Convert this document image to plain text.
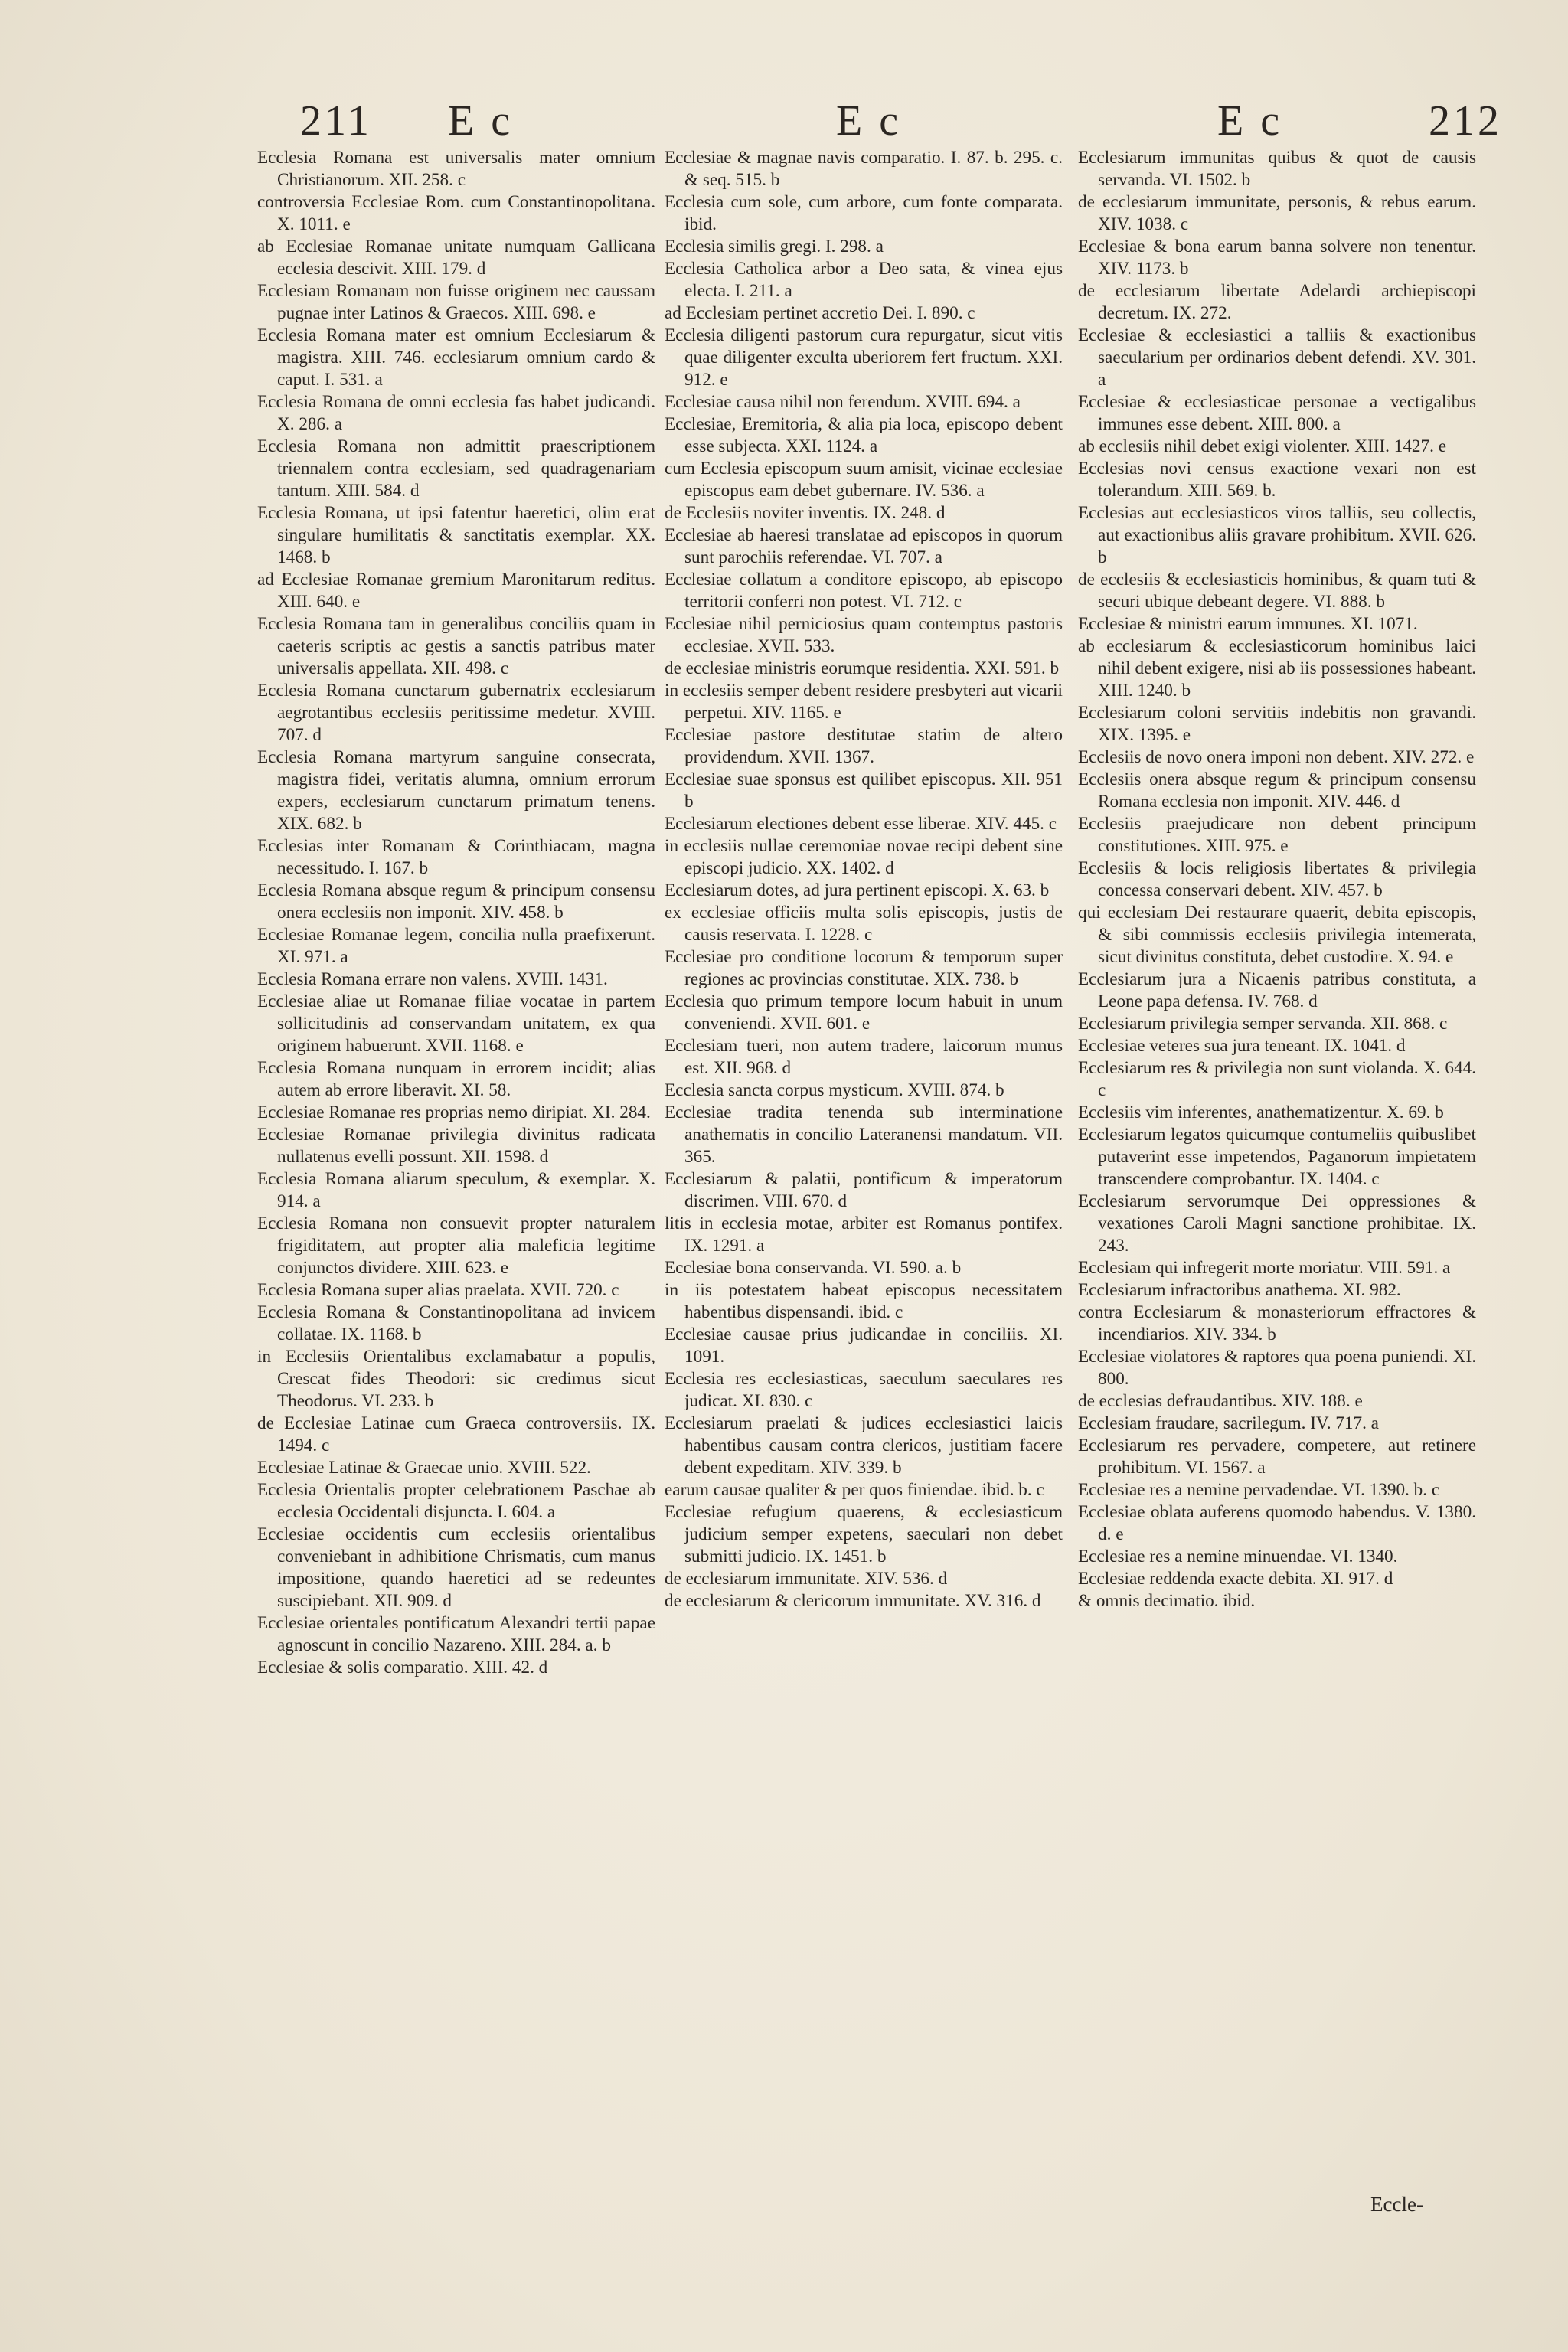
211 E c	E c	E c	212

Ecclesia Romana est universalis mater omnium Christianorum. XII. 258. c

controversia Ecclesiae Rom. cum Constantinopolitana. X. 1011. e

ab Ecclesiae Romanae unitate numquam Gallicana ecclesia descivit. XIII. 179. d

Ecclesiam Romanam non fuisse originem nec caussam pugnae inter Latinos & Graecos. XIII. 698. e

Ecclesia Romana mater est omnium Ecclesiarum & magistra. XIII. 746. ecclesiarum omnium cardo & caput. I. 531. a

Ecclesia Romana de omni ecclesia fas habet judicandi. X. 286. a

Ecclesia Romana non admittit praescriptionem triennalem contra ecclesiam, sed quadragenariam tantum. XIII. 584. d

Ecclesia Romana, ut ipsi fatentur haeretici, olim erat singulare humilitatis & sanctitatis exemplar. XX. 1468. b

ad Ecclesiae Romanae gremium Maronitarum reditus. XIII. 640. e

Ecclesia Romana tam in generalibus conciliis quam in caeteris scriptis ac gestis a sanctis patribus mater universalis appellata. XII. 498. c

Ecclesia Romana cunctarum gubernatrix ecclesiarum aegrotantibus ecclesiis peritissime medetur. XVIII. 707. d

Ecclesia Romana martyrum sanguine consecrata, magistra fidei, veritatis alumna, omnium errorum expers, ecclesiarum cunctarum primatum tenens. XIX. 682. b

Ecclesias inter Romanam & Corinthiacam, magna necessitudo. I. 167. b

Ecclesia Romana absque regum & principum consensu onera ecclesiis non imponit. XIV. 458. b

Ecclesiae Romanae legem, concilia nulla praefixerunt. XI. 971. a

Ecclesia Romana errare non valens. XVIII. 1431.

Ecclesiae aliae ut Romanae filiae vocatae in partem sollicitudinis ad conservandam unitatem, ex qua originem habuerunt. XVII. 1168. e

Ecclesia Romana nunquam in errorem incidit; alias autem ab errore liberavit. XI. 58.

Ecclesiae Romanae res proprias nemo diripiat. XI. 284.

Ecclesiae Romanae privilegia divinitus radicata nullatenus evelli possunt. XII. 1598. d

Ecclesia Romana aliarum speculum, & exemplar. X. 914. a

Ecclesia Romana non consuevit propter naturalem frigiditatem, aut propter alia maleficia legitime conjunctos dividere. XIII. 623. e

Ecclesia Romana super alias praelata. XVII. 720. c

Ecclesia Romana & Constantinopolitana ad invicem collatae. IX. 1168. b

in Ecclesiis Orientalibus exclamabatur a populis, Crescat fides Theodori: sic credimus sicut Theodorus. VI. 233. b

de Ecclesiae Latinae cum Graeca controversiis. IX. 1494. c

Ecclesiae Latinae & Graecae unio. XVIII. 522.

Ecclesia Orientalis propter celebrationem Paschae ab ecclesia Occidentali disjuncta. I. 604. a

Ecclesiae occidentis cum ecclesiis orientalibus conveniebant in adhibitione Chrismatis, cum manus impositione, quando haeretici ad se redeuntes suscipiebant. XII. 909. d

Ecclesiae orientales pontificatum Alexandri tertii papae agnoscunt in concilio Nazareno. XIII. 284. a. b

Ecclesiae & solis comparatio. XIII. 42. d

Ecclesiae & magnae navis comparatio. I. 87. b. 295. c. & seq. 515. b

Ecclesia cum sole, cum arbore, cum fonte comparata. ibid.

Ecclesia similis gregi. I. 298. a

Ecclesia Catholica arbor a Deo sata, & vinea ejus electa. I. 211. a

ad Ecclesiam pertinet accretio Dei. I. 890. c

Ecclesia diligenti pastorum cura repurgatur, sicut vitis quae diligenter exculta uberiorem fert fructum. XXI. 912. e

Ecclesiae causa nihil non ferendum. XVIII. 694. a

Ecclesiae, Eremitoria, & alia pia loca, episcopo debent esse subjecta. XXI. 1124. a

cum Ecclesia episcopum suum amisit, vicinae ecclesiae episcopus eam debet gubernare. IV. 536. a

de Ecclesiis noviter inventis. IX. 248. d

Ecclesiae ab haeresi translatae ad episcopos in quorum sunt parochiis referendae. VI. 707. a

Ecclesiae collatum a conditore episcopo, ab episcopo territorii conferri non potest. VI. 712. c

Ecclesiae nihil perniciosius quam contemptus pastoris ecclesiae. XVII. 533.

de ecclesiae ministris eorumque residentia. XXI. 591. b

in ecclesiis semper debent residere presbyteri aut vicarii perpetui. XIV. 1165. e

Ecclesiae pastore destitutae statim de altero providendum. XVII. 1367.

Ecclesiae suae sponsus est quilibet episcopus. XII. 951 b

Ecclesiarum electiones debent esse liberae. XIV. 445. c

in ecclesiis nullae ceremoniae novae recipi debent sine episcopi judicio. XX. 1402. d

Ecclesiarum dotes, ad jura pertinent episcopi. X. 63. b

ex ecclesiae officiis multa solis episcopis, justis de causis reservata. I. 1228. c

Ecclesiae pro conditione locorum & temporum super regiones ac provincias constitutae. XIX. 738. b

Ecclesia quo primum tempore locum habuit in unum conveniendi. XVII. 601. e

Ecclesiam tueri, non autem tradere, laicorum munus est. XII. 968. d

Ecclesia sancta corpus mysticum. XVIII. 874. b

Ecclesiae tradita tenenda sub interminatione anathematis in concilio Lateranensi mandatum. VII. 365.

Ecclesiarum & palatii, pontificum & imperatorum discrimen. VIII. 670. d

litis in ecclesia motae, arbiter est Romanus pontifex. IX. 1291. a

Ecclesiae bona conservanda. VI. 590. a. b

in iis potestatem habeat episcopus necessitatem habentibus dispensandi. ibid. c

Ecclesiae causae prius judicandae in conciliis. XI. 1091.

Ecclesia res ecclesiasticas, saeculum saeculares res judicat. XI. 830. c

Ecclesiarum praelati & judices ecclesiastici laicis habentibus causam contra clericos, justitiam facere debent expeditam. XIV. 339. b

earum causae qualiter & per quos finiendae. ibid. b. c

Ecclesiae refugium quaerens, & ecclesiasticum judicium semper expetens, saeculari non debet submitti judicio. IX. 1451. b

de ecclesiarum immunitate. XIV. 536. d

de ecclesiarum & clericorum immunitate. XV. 316. d

Ecclesiarum immunitas quibus & quot de causis servanda. VI. 1502. b

de ecclesiarum immunitate, personis, & rebus earum. XIV. 1038. c

Ecclesiae & bona earum banna solvere non tenentur. XIV. 1173. b

de ecclesiarum libertate Adelardi archiepiscopi decretum. IX. 272.

Ecclesiae & ecclesiastici a talliis & exactionibus saecularium per ordinarios debent defendi. XV. 301. a

Ecclesiae & ecclesiasticae personae a vectigalibus immunes esse debent. XIII. 800. a

ab ecclesiis nihil debet exigi violenter. XIII. 1427. e

Ecclesias novi census exactione vexari non est tolerandum. XIII. 569. b.

Ecclesias aut ecclesiasticos viros talliis, seu collectis, aut exactionibus aliis gravare prohibitum. XVII. 626. b

de ecclesiis & ecclesiasticis hominibus, & quam tuti & securi ubique debeant degere. VI. 888. b

Ecclesiae & ministri earum immunes. XI. 1071.

ab ecclesiarum & ecclesiasticorum hominibus laici nihil debent exigere, nisi ab iis possessiones habeant. XIII. 1240. b

Ecclesiarum coloni servitiis indebitis non gravandi. XIX. 1395. e

Ecclesiis de novo onera imponi non debent. XIV. 272. e

Ecclesiis onera absque regum & principum consensu Romana ecclesia non imponit. XIV. 446. d

Ecclesiis praejudicare non debent principum constitutiones. XIII. 975. e

Ecclesiis & locis religiosis libertates & privilegia concessa conservari debent. XIV. 457. b

qui ecclesiam Dei restaurare quaerit, debita episcopis, & sibi commissis ecclesiis privilegia intemerata, sicut divinitus constituta, debet custodire. X. 94. e

Ecclesiarum jura a Nicaenis patribus constituta, a Leone papa defensa. IV. 768. d

Ecclesiarum privilegia semper servanda. XII. 868. c

Ecclesiae veteres sua jura teneant. IX. 1041. d

Ecclesiarum res & privilegia non sunt violanda. X. 644. c

Ecclesiis vim inferentes, anathematizentur. X. 69. b

Ecclesiarum legatos quicumque contumeliis quibuslibet putaverint esse impetendos, Paganorum impietatem transcendere comprobantur. IX. 1404. c

Ecclesiarum servorumque Dei oppressiones & vexationes Caroli Magni sanctione prohibitae. IX. 243.

Ecclesiam qui infregerit morte moriatur. VIII. 591. a

Ecclesiarum infractoribus anathema. XI. 982.

contra Ecclesiarum & monasteriorum effractores & incendiarios. XIV. 334. b

Ecclesiae violatores & raptores qua poena puniendi. XI. 800.

de ecclesias defraudantibus. XIV. 188. e

Ecclesiam fraudare, sacrilegum. IV. 717. a

Ecclesiarum res pervadere, competere, aut retinere prohibitum. VI. 1567. a

Ecclesiae res a nemine pervadendae. VI. 1390. b. c

Ecclesiae oblata auferens quomodo habendus. V. 1380. d. e

Ecclesiae res a nemine minuendae. VI. 1340.

Ecclesiae reddenda exacte debita. XI. 917. d

& omnis decimatio. ibid.

Eccle-
